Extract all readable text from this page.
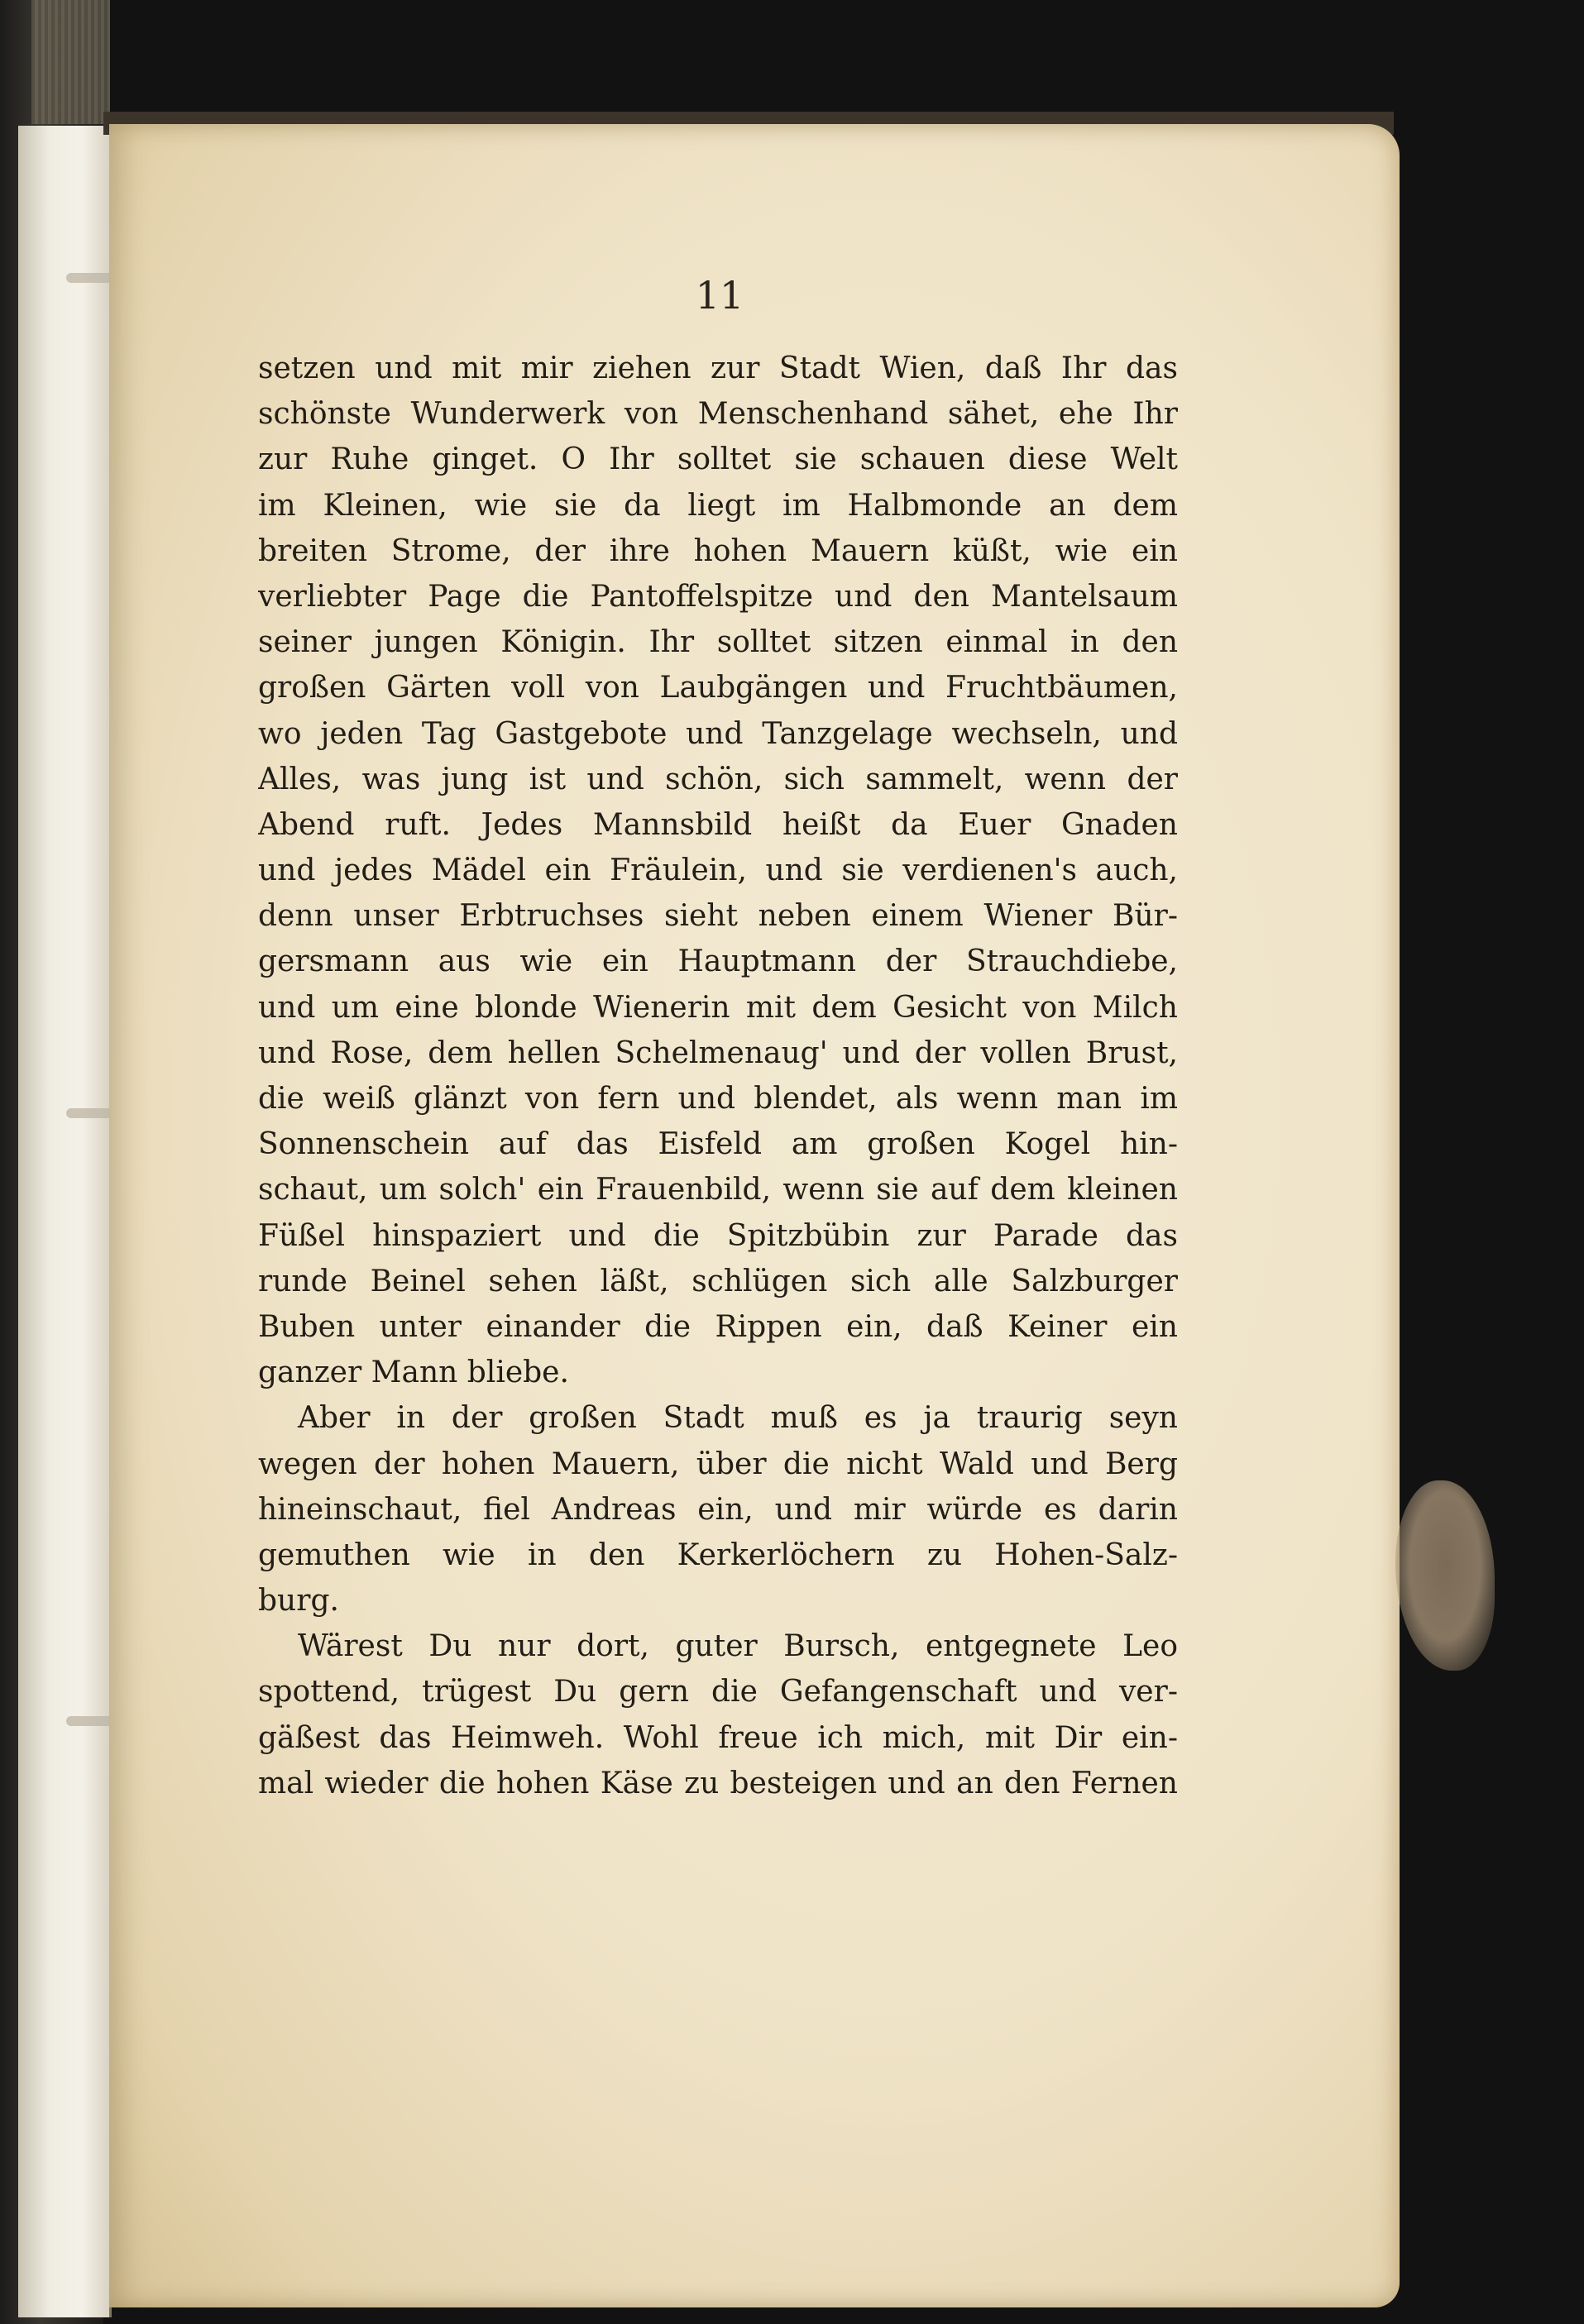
11
setzen und mit mir ziehen zur Stadt Wien, daß Ihr das
schönste Wunderwerk von Menschenhand sähet, ehe Ihr
zur Ruhe ginget. O Ihr solltet sie schauen diese Welt
im Kleinen, wie sie da liegt im Halbmonde an dem
breiten Strome, der ihre hohen Mauern küßt, wie ein
verliebter Page die Pantoffelspitze und den Mantelsaum
seiner jungen Königin. Ihr solltet sitzen einmal in den
großen Gärten voll von Laubgängen und Fruchtbäumen,
wo jeden Tag Gastgebote und Tanzgelage wechseln, und
Alles, was jung ist und schön, sich sammelt, wenn der
Abend ruft. Jedes Mannsbild heißt da Euer Gnaden
und jedes Mädel ein Fräulein, und sie verdienen's auch,
denn unser Erbtruchses sieht neben einem Wiener Bür-
gersmann aus wie ein Hauptmann der Strauchdiebe,
und um eine blonde Wienerin mit dem Gesicht von Milch
und Rose, dem hellen Schelmenaug' und der vollen Brust,
die weiß glänzt von fern und blendet, als wenn man im
Sonnenschein auf das Eisfeld am großen Kogel hin-
schaut, um solch' ein Frauenbild, wenn sie auf dem kleinen
Füßel hinspaziert und die Spitzbübin zur Parade das
runde Beinel sehen läßt, schlügen sich alle Salzburger
Buben unter einander die Rippen ein, daß Keiner ein
ganzer Mann bliebe.
Aber in der großen Stadt muß es ja traurig seyn
wegen der hohen Mauern, über die nicht Wald und Berg
hineinschaut, fiel Andreas ein, und mir würde es darin
gemuthen wie in den Kerkerlöchern zu Hohen-Salz-
burg.
Wärest Du nur dort, guter Bursch, entgegnete Leo
spottend, trügest Du gern die Gefangenschaft und ver-
gäßest das Heimweh. Wohl freue ich mich, mit Dir ein-
mal wieder die hohen Käse zu besteigen und an den Fernen
